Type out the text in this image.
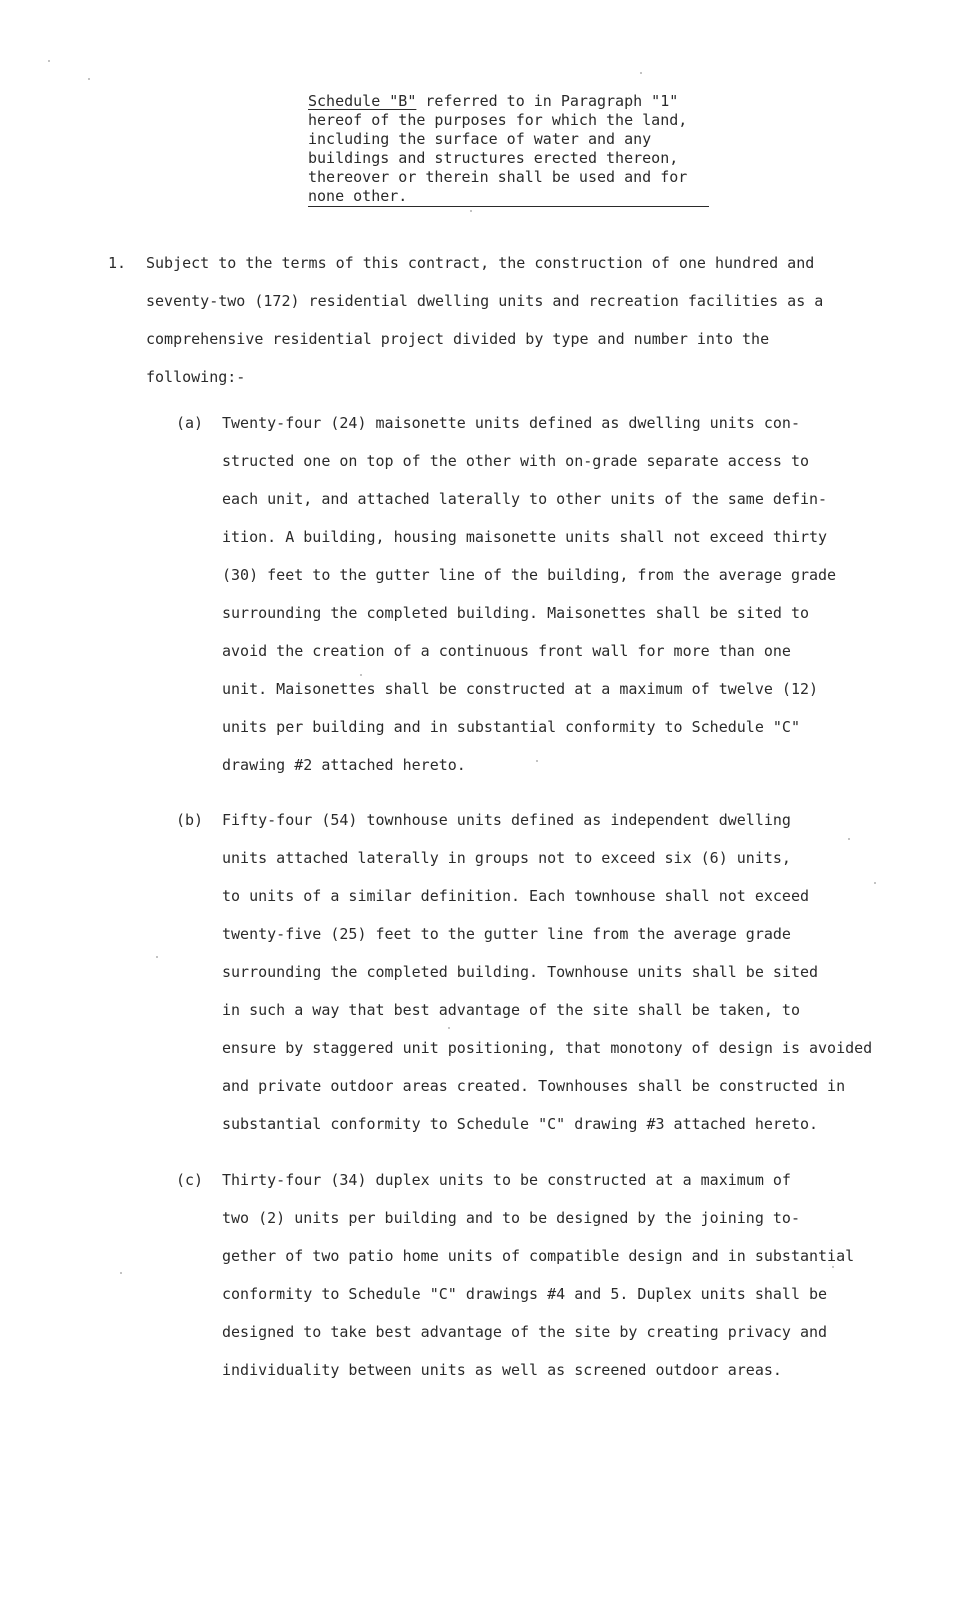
Schedule "B" referred to in Paragraph "1"
hereof of the purposes for which the land,
including the surface of water and any
buildings and structures erected thereon,
thereover or therein shall be used and for
none other.
1. Subject to the terms of this contract, the construction of one hundred and
seventy-two (172) residential dwelling units and recreation facilities as a
comprehensive residential project divided by type and number into the
following:-
(a) Twenty-four (24) maisonette units defined as dwelling units con-
structed one on top of the other with on-grade separate access to
each unit, and attached laterally to other units of the same defin-
ition. A building, housing maisonette units shall not exceed thirty
(30) feet to the gutter line of the building, from the average grade
surrounding the completed building. Maisonettes shall be sited to
avoid the creation of a continuous front wall for more than one
unit. Maisonettes shall be constructed at a maximum of twelve (12)
units per building and in substantial conformity to Schedule "C"
drawing #2 attached hereto.
(b) Fifty-four (54) townhouse units defined as independent dwelling
units attached laterally in groups not to exceed six (6) units,
to units of a similar definition. Each townhouse shall not exceed
twenty-five (25) feet to the gutter line from the average grade
surrounding the completed building. Townhouse units shall be sited
in such a way that best advantage of the site shall be taken, to
ensure by staggered unit positioning, that monotony of design is avoided
and private outdoor areas created. Townhouses shall be constructed in
substantial conformity to Schedule "C" drawing #3 attached hereto.
(c) Thirty-four (34) duplex units to be constructed at a maximum of
two (2) units per building and to be designed by the joining to-
gether of two patio home units of compatible design and in substantial
conformity to Schedule "C" drawings #4 and 5. Duplex units shall be
designed to take best advantage of the site by creating privacy and
individuality between units as well as screened outdoor areas.
